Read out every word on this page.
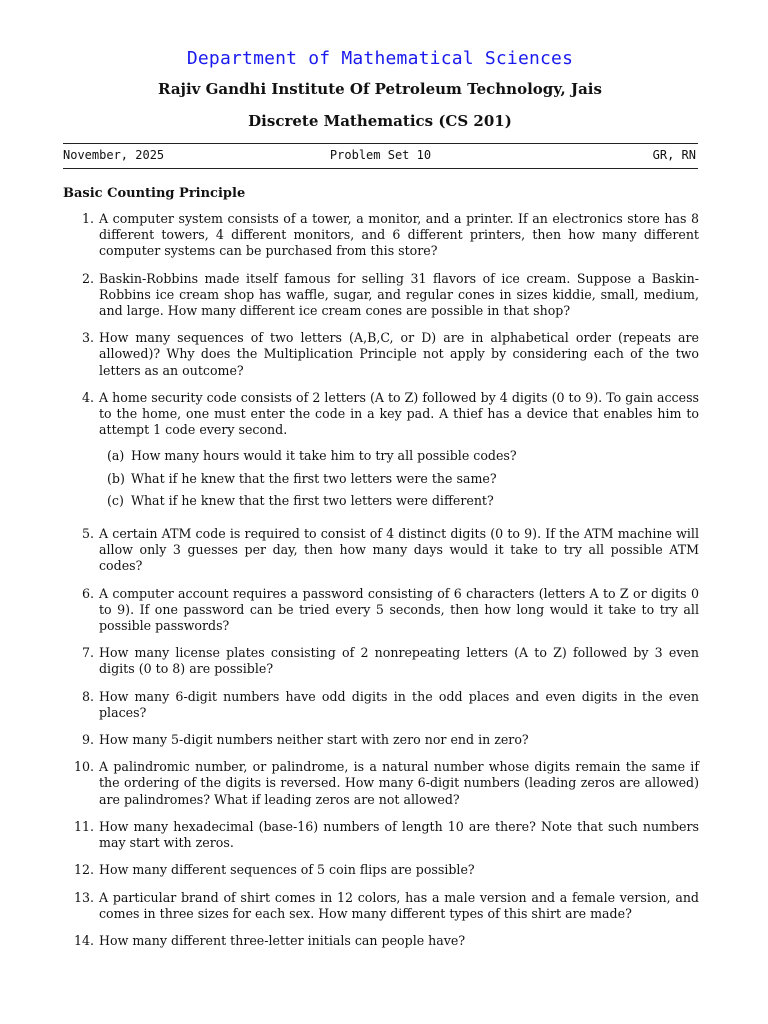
Department of Mathematical Sciences
Rajiv Gandhi Institute Of Petroleum Technology, Jais
Discrete Mathematics (CS 201)
November, 2025	Problem Set 10	GR, RN
Basic Counting Principle
1. A computer system consists of a tower, a monitor, and a printer. If an electronics store has 8 different towers, 4 different monitors, and 6 different printers, then how many different computer systems can be purchased from this store?
2. Baskin-Robbins made itself famous for selling 31 flavors of ice cream. Suppose a Baskin-Robbins ice cream shop has waffle, sugar, and regular cones in sizes kiddie, small, medium, and large. How many different ice cream cones are possible in that shop?
3. How many sequences of two letters (A,B,C, or D) are in alphabetical order (repeats are allowed)? Why does the Multiplication Principle not apply by considering each of the two letters as an outcome?
4. A home security code consists of 2 letters (A to Z) followed by 4 digits (0 to 9). To gain access to the home, one must enter the code in a key pad. A thief has a device that enables him to attempt 1 code every second.
(a) How many hours would it take him to try all possible codes?
(b) What if he knew that the first two letters were the same?
(c) What if he knew that the first two letters were different?
5. A certain ATM code is required to consist of 4 distinct digits (0 to 9). If the ATM machine will allow only 3 guesses per day, then how many days would it take to try all possible ATM codes?
6. A computer account requires a password consisting of 6 characters (letters A to Z or digits 0 to 9). If one password can be tried every 5 seconds, then how long would it take to try all possible passwords?
7. How many license plates consisting of 2 nonrepeating letters (A to Z) followed by 3 even digits (0 to 8) are possible?
8. How many 6-digit numbers have odd digits in the odd places and even digits in the even places?
9. How many 5-digit numbers neither start with zero nor end in zero?
10. A palindromic number, or palindrome, is a natural number whose digits remain the same if the ordering of the digits is reversed. How many 6-digit numbers (leading zeros are allowed) are palindromes? What if leading zeros are not allowed?
11. How many hexadecimal (base-16) numbers of length 10 are there? Note that such numbers may start with zeros.
12. How many different sequences of 5 coin flips are possible?
13. A particular brand of shirt comes in 12 colors, has a male version and a female version, and comes in three sizes for each sex. How many different types of this shirt are made?
14. How many different three-letter initials can people have?
